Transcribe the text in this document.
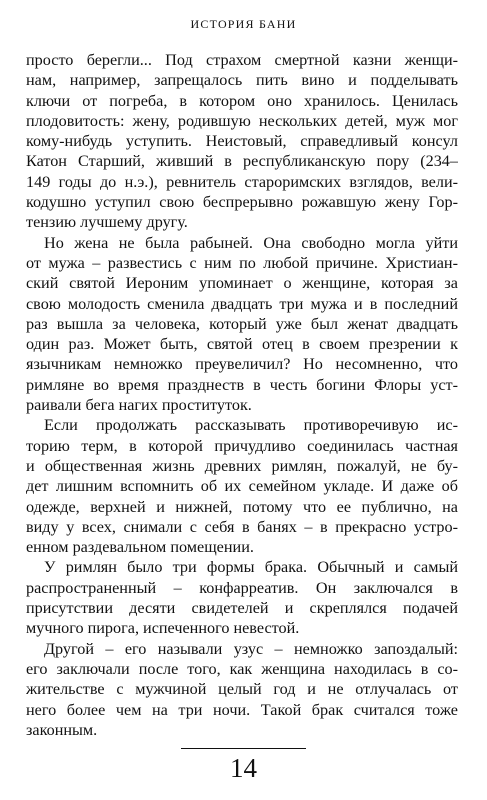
ИСТОРИЯ БАНИ
просто берегли... Под страхом смертной казни женщи-
нам, например, запрещалось пить вино и подделывать
ключи от погреба, в котором оно хранилось. Ценилась
плодовитость: жену, родившую нескольких детей, муж мог
кому-нибудь уступить. Неистовый, справедливый консул
Катон Старший, живший в республиканскую пору (234–
149 годы до н.э.), ревнитель староримских взглядов, вели-
кодушно уступил свою беспрерывно рожавшую жену Гор-
тензию лучшему другу.
Но жена не была рабыней. Она свободно могла уйти
от мужа – развестись с ним по любой причине. Христиан-
ский святой Иероним упоминает о женщине, которая за
свою молодость сменила двадцать три мужа и в последний
раз вышла за человека, который уже был женат двадцать
один раз. Может быть, святой отец в своем презрении к
язычникам немножко преувеличил? Но несомненно, что
римляне во время празднеств в честь богини Флоры уст-
раивали бега нагих проституток.
Если продолжать рассказывать противоречивую ис-
торию терм, в которой причудливо соединилась частная
и общественная жизнь древних римлян, пожалуй, не бу-
дет лишним вспомнить об их семейном укладе. И даже об
одежде, верхней и нижней, потому что ее публично, на
виду у всех, снимали с себя в банях – в прекрасно устро-
енном раздевальном помещении.
У римлян было три формы брака. Обычный и самый
распространенный – конфарреатив. Он заключался в
присутствии десяти свидетелей и скреплялся подачей
мучного пирога, испеченного невестой.
Другой – его называли узус – немножко запоздалый:
его заключали после того, как женщина находилась в со-
жительстве с мужчиной целый год и не отлучалась от
него более чем на три ночи. Такой брак считался тоже
законным.
14
